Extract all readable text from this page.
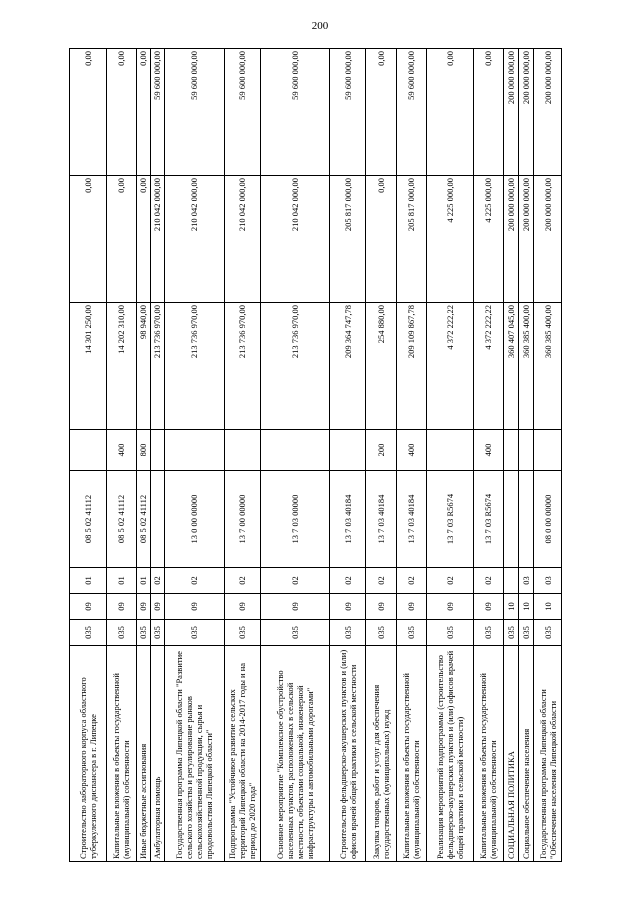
200
Строительство лабораторного корпуса областного туберкулезного диспансера в г. Липецке	035	09	01	08 5 02 41112		14 301 250,00	0,00	0,00
Капитальные вложения в объекты государственной (муниципальной) собственности	035	09	01	08 5 02 41112	400	14 202 310,00	0,00	0,00
Иные бюджетные ассигнования	035	09	01	08 5 02 41112	800	98 940,00	0,00	0,00
Амбулаторная помощь	035	09	02			213 736 970,00	210 042 000,00	59 600 000,00
Государственная программа Липецкой области "Развитие сельского хозяйства и регулирование рынков сельскохозяйственной продукции, сырья и продовольствия Липецкой области"	035	09	02	13 0 00 00000		213 736 970,00	210 042 000,00	59 600 000,00
Подпрограмма "Устойчивое развитие сельских территорий Липецкой области на 2014-2017 годы и на период до 2020 года"	035	09	02	13 7 00 00000		213 736 970,00	210 042 000,00	59 600 000,00
Основное мероприятие "Комплексное обустройство населенных пунктов, расположенных в сельской местности, объектами социальной, инженерной инфраструктуры и автомобильными дорогами"	035	09	02	13 7 03 00000		213 736 970,00	210 042 000,00	59 600 000,00
Строительство фельдшерско-акушерских пунктов и (или) офисов врачей общей практики в сельской местности	035	09	02	13 7 03 40184		209 364 747,78	205 817 000,00	59 600 000,00
Закупка товаров, работ и услуг для обеспечения государственных (муниципальных) нужд	035	09	02	13 7 03 40184	200	254 880,00	0,00	0,00
Капитальные вложения в объекты государственной (муниципальной) собственности	035	09	02	13 7 03 40184	400	209 109 867,78	205 817 000,00	59 600 000,00
Реализация мероприятий подпрограммы (строительство фельдшерско-акушерских пунктов и (или) офисов врачей общей практики в сельской местности)	035	09	02	13 7 03 R5674		4 372 222,22	4 225 000,00	0,00
Капитальные вложения в объекты государственной (муниципальной) собственности	035	09	02	13 7 03 R5674	400	4 372 222,22	4 225 000,00	0,00
СОЦИАЛЬНАЯ ПОЛИТИКА	035	10				360 407 045,00	200 000 000,00	200 000 000,00
Социальное обеспечение населения	035	10	03			360 385 400,00	200 000 000,00	200 000 000,00
Государственная программа Липецкой области "Обеспечение населения Липецкой области	035	10	03	08 0 00 00000		360 385 400,00	200 000 000,00	200 000 000,00
